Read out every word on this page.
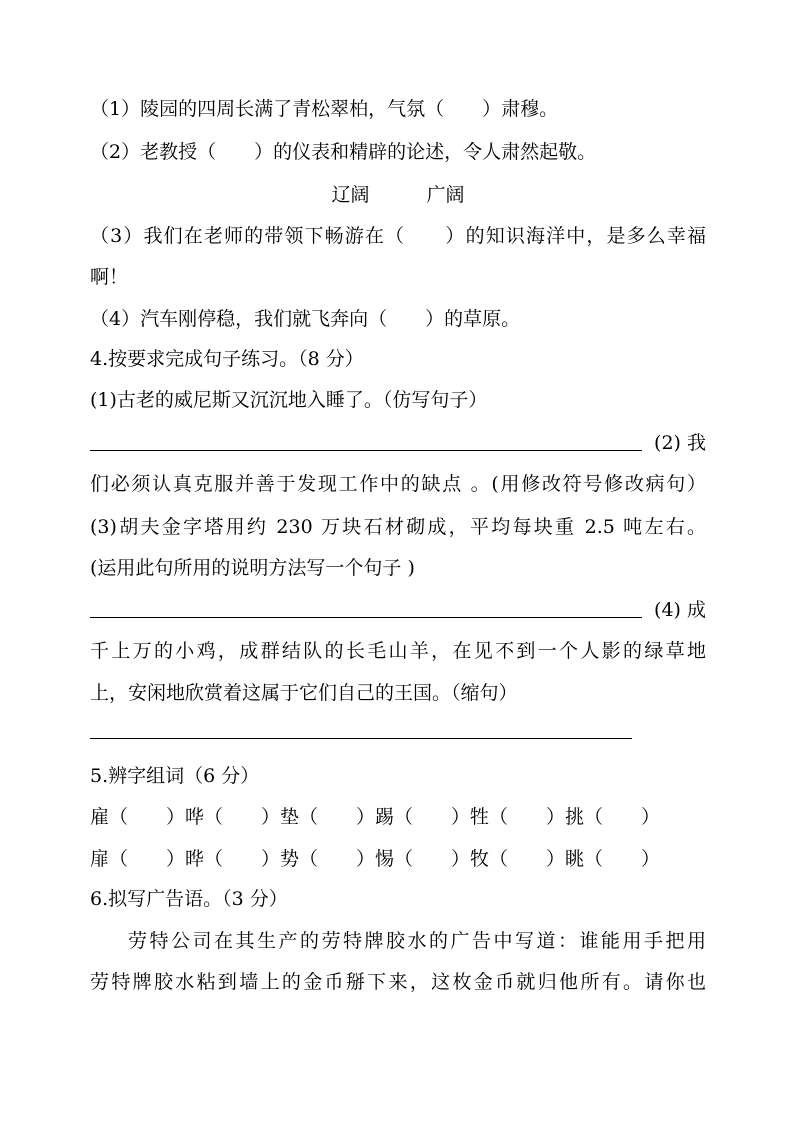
（1）陵园的四周长满了青松翠柏，气氛（　　）肃穆。
（2）老教授（　　）的仪表和精辟的论述，令人肃然起敬。
辽阔　　　广阔
（3）我们在老师的带领下畅游在（　　）的知识海洋中，是多么幸福
啊！
（4）汽车刚停稳，我们就飞奔向（　　）的草原。
4.按要求完成句子练习。（8 分）
(1)古老的威尼斯又沉沉地入睡了。（仿写句子）
(2) 我
们必须认真克服并善于发现工作中的缺点 。(用修改符号修改病句）
(3)胡夫金字塔用约 230 万块石材砌成，平均每块重 2.5 吨左右。
(运用此句所用的说明方法写一个句子 )
(4) 成
千上万的小鸡，成群结队的长毛山羊，在见不到一个人影的绿草地
上，安闲地欣赏着这属于它们自己的王国。（缩句）
5.辨字组词（6 分）
雇（　　）哗（　　）垫（　　）踢（　　）牲（　　）挑（　　）
扉（　　）晔（　　）势（　　）惕（　　）牧（　　）眺（　　）
6.拟写广告语。（3 分）
劳特公司在其生产的劳特牌胶水的广告中写道：谁能用手把用
劳特牌胶水粘到墙上的金币掰下来，这枚金币就归他所有。请你也
